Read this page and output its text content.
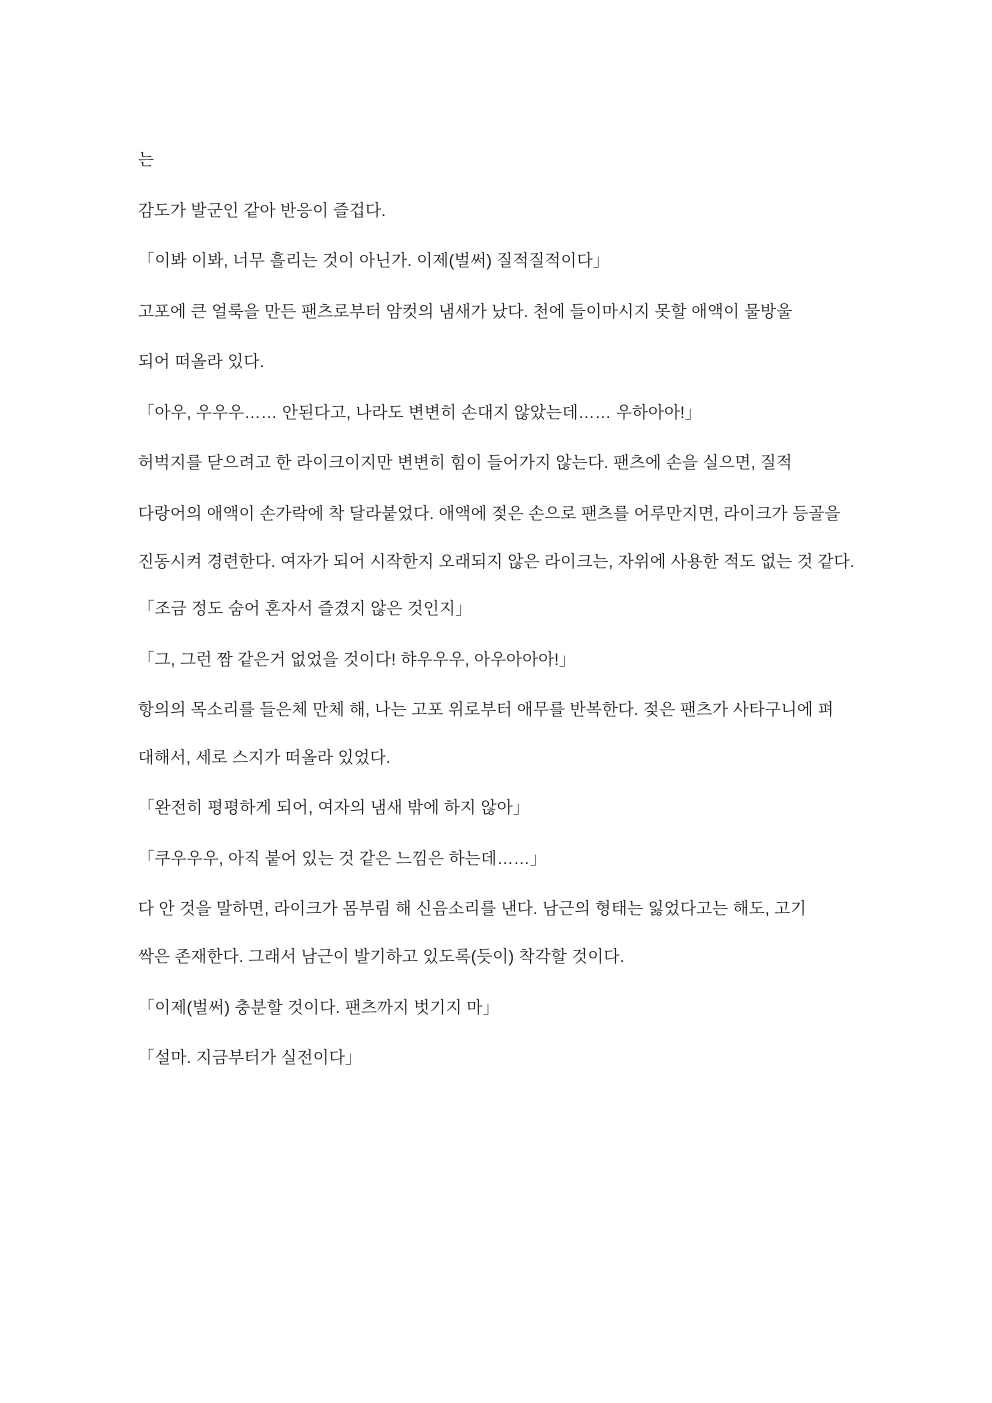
는

감도가 발군인 같아 반응이 즐겁다.

「이봐 이봐, 너무 흘리는 것이 아닌가. 이제(벌써) 질적질적이다」

고포에 큰 얼룩을 만든 팬츠로부터 암컷의 냄새가 났다. 천에 들이마시지 못할 애액이 물방울

되어 떠올라 있다.

「아우, 우우우…… 안된다고, 나라도 변변히 손대지 않았는데…… 우하아아!」

허벅지를 닫으려고 한 라이크이지만 변변히 힘이 들어가지 않는다. 팬츠에 손을 실으면, 질적

다랑어의 애액이 손가락에 착 달라붙었다. 애액에 젖은 손으로 팬츠를 어루만지면, 라이크가 등골을

진동시켜 경련한다. 여자가 되어 시작한지 오래되지 않은 라이크는, 자위에 사용한 적도 없는 것 같다.

「조금 정도 숨어 혼자서 즐겼지 않은 것인지」

「그, 그런 짬 같은거 없었을 것이다! 햐우우우, 아우아아아!」

항의의 목소리를 들은체 만체 해, 나는 고포 위로부터 애무를 반복한다. 젖은 팬츠가 사타구니에 펴

대해서, 세로 스지가 떠올라 있었다.

「완전히 평평하게 되어, 여자의 냄새 밖에 하지 않아」

「쿠우우우, 아직 붙어 있는 것 같은 느낌은 하는데……」

다 안 것을 말하면, 라이크가 몸부림 해 신음소리를 낸다. 남근의 형태는 잃었다고는 해도, 고기

싹은 존재한다. 그래서 남근이 발기하고 있도록(듯이) 착각할 것이다.

「이제(벌써) 충분할 것이다. 팬츠까지 벗기지 마」

「설마. 지금부터가 실전이다」
